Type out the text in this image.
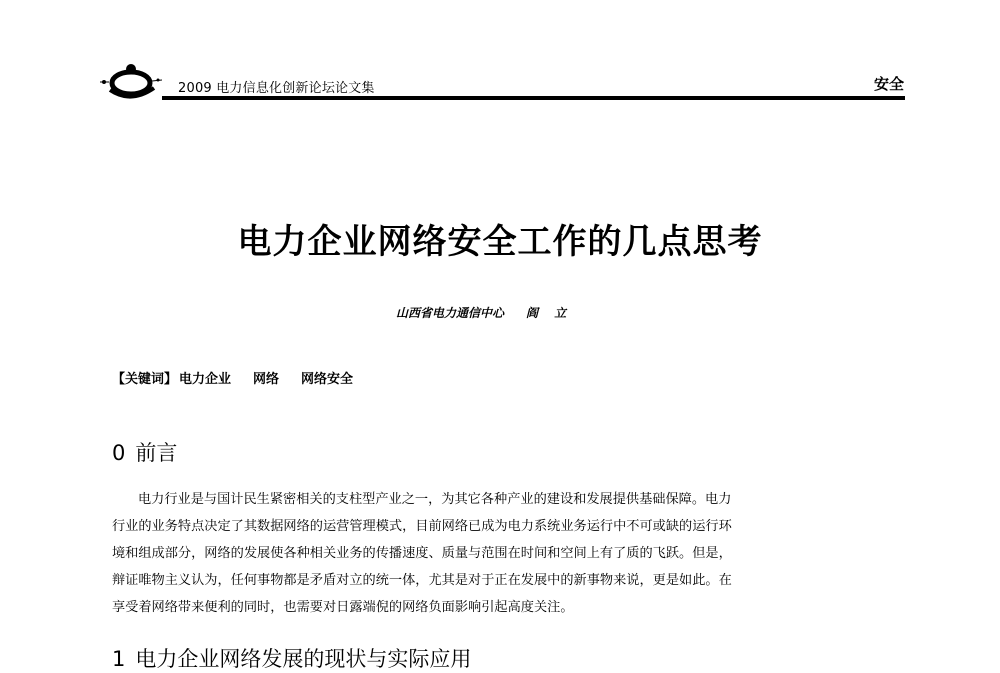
2009 电力信息化创新论坛论文集	安全
电力企业网络安全工作的几点思考
山西省电力通信中心 阎 立
【关键词】 电力企业 网络 网络安全
0 前言
电力行业是与国计民生紧密相关的支柱型产业之一，为其它各种产业的建设和发展提供基础保障。电力
行业的业务特点决定了其数据网络的运营管理模式，目前网络已成为电力系统业务运行中不可或缺的运行环
境和组成部分，网络的发展使各种相关业务的传播速度、质量与范围在时间和空间上有了质的飞跃。但是，
辩证唯物主义认为，任何事物都是矛盾对立的统一体，尤其是对于正在发展中的新事物来说，更是如此。在
享受着网络带来便利的同时，也需要对日露端倪的网络负面影响引起高度关注。
1 电力企业网络发展的现状与实际应用
